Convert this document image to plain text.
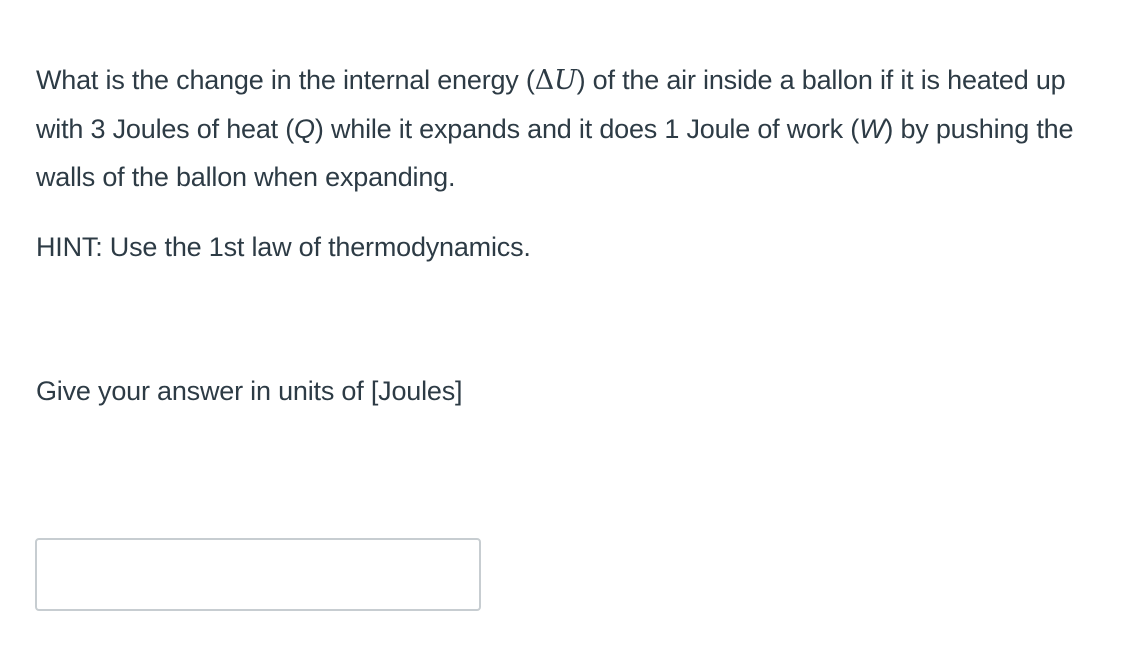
What is the change in the internal energy (ΔU) of the air inside a ballon if it is heated up with 3 Joules of heat (Q) while it expands and it does 1 Joule of work (W) by pushing the walls of the ballon when expanding.

HINT: Use the 1st law of thermodynamics.

Give your answer in units of [Joules]
